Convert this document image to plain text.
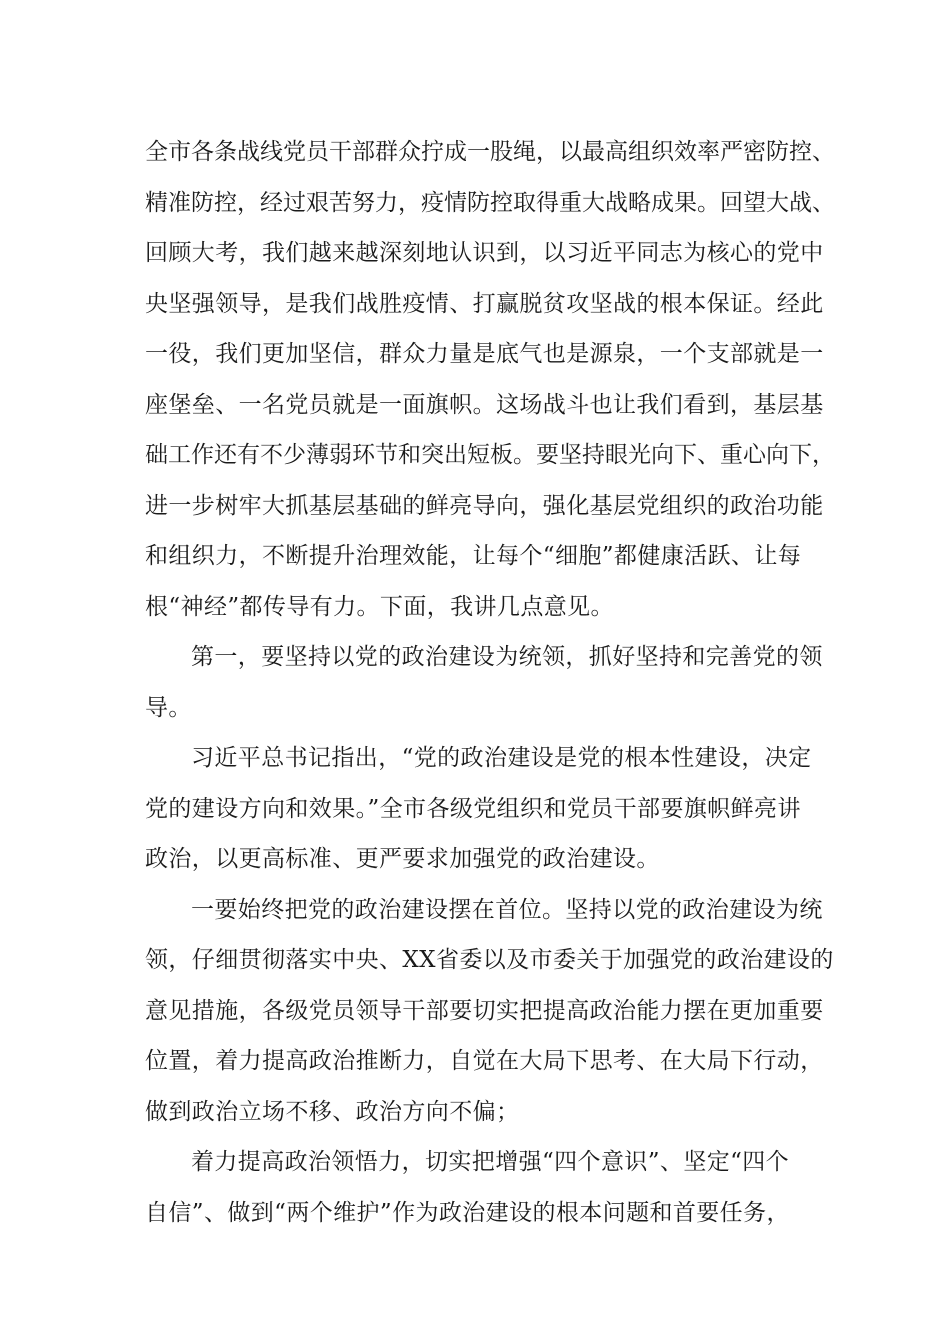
全市各条战线党员干部群众拧成一股绳，以最高组织效率严密防控、
精准防控，经过艰苦努力，疫情防控取得重大战略成果。回望大战、
回顾大考，我们越来越深刻地认识到，以习近平同志为核心的党中
央坚强领导，是我们战胜疫情、打赢脱贫攻坚战的根本保证。经此
一役，我们更加坚信，群众力量是底气也是源泉，一个支部就是一
座堡垒、一名党员就是一面旗帜。这场战斗也让我们看到，基层基
础工作还有不少薄弱环节和突出短板。要坚持眼光向下、重心向下，
进一步树牢大抓基层基础的鲜亮导向，强化基层党组织的政治功能
和组织力，不断提升治理效能，让每个“细胞”都健康活跃、让每
根“神经”都传导有力。下面，我讲几点意见。
第一，要坚持以党的政治建设为统领，抓好坚持和完善党的领
导。
习近平总书记指出，“党的政治建设是党的根本性建设，决定
党的建设方向和效果。”全市各级党组织和党员干部要旗帜鲜亮讲
政治，以更高标准、更严要求加强党的政治建设。
一要始终把党的政治建设摆在首位。坚持以党的政治建设为统
领，仔细贯彻落实中央、XX省委以及市委关于加强党的政治建设的
意见措施，各级党员领导干部要切实把提高政治能力摆在更加重要
位置，着力提高政治推断力，自觉在大局下思考、在大局下行动，
做到政治立场不移、政治方向不偏；
着力提高政治领悟力，切实把增强“四个意识”、坚定“四个
自信”、做到“两个维护”作为政治建设的根本问题和首要任务，
